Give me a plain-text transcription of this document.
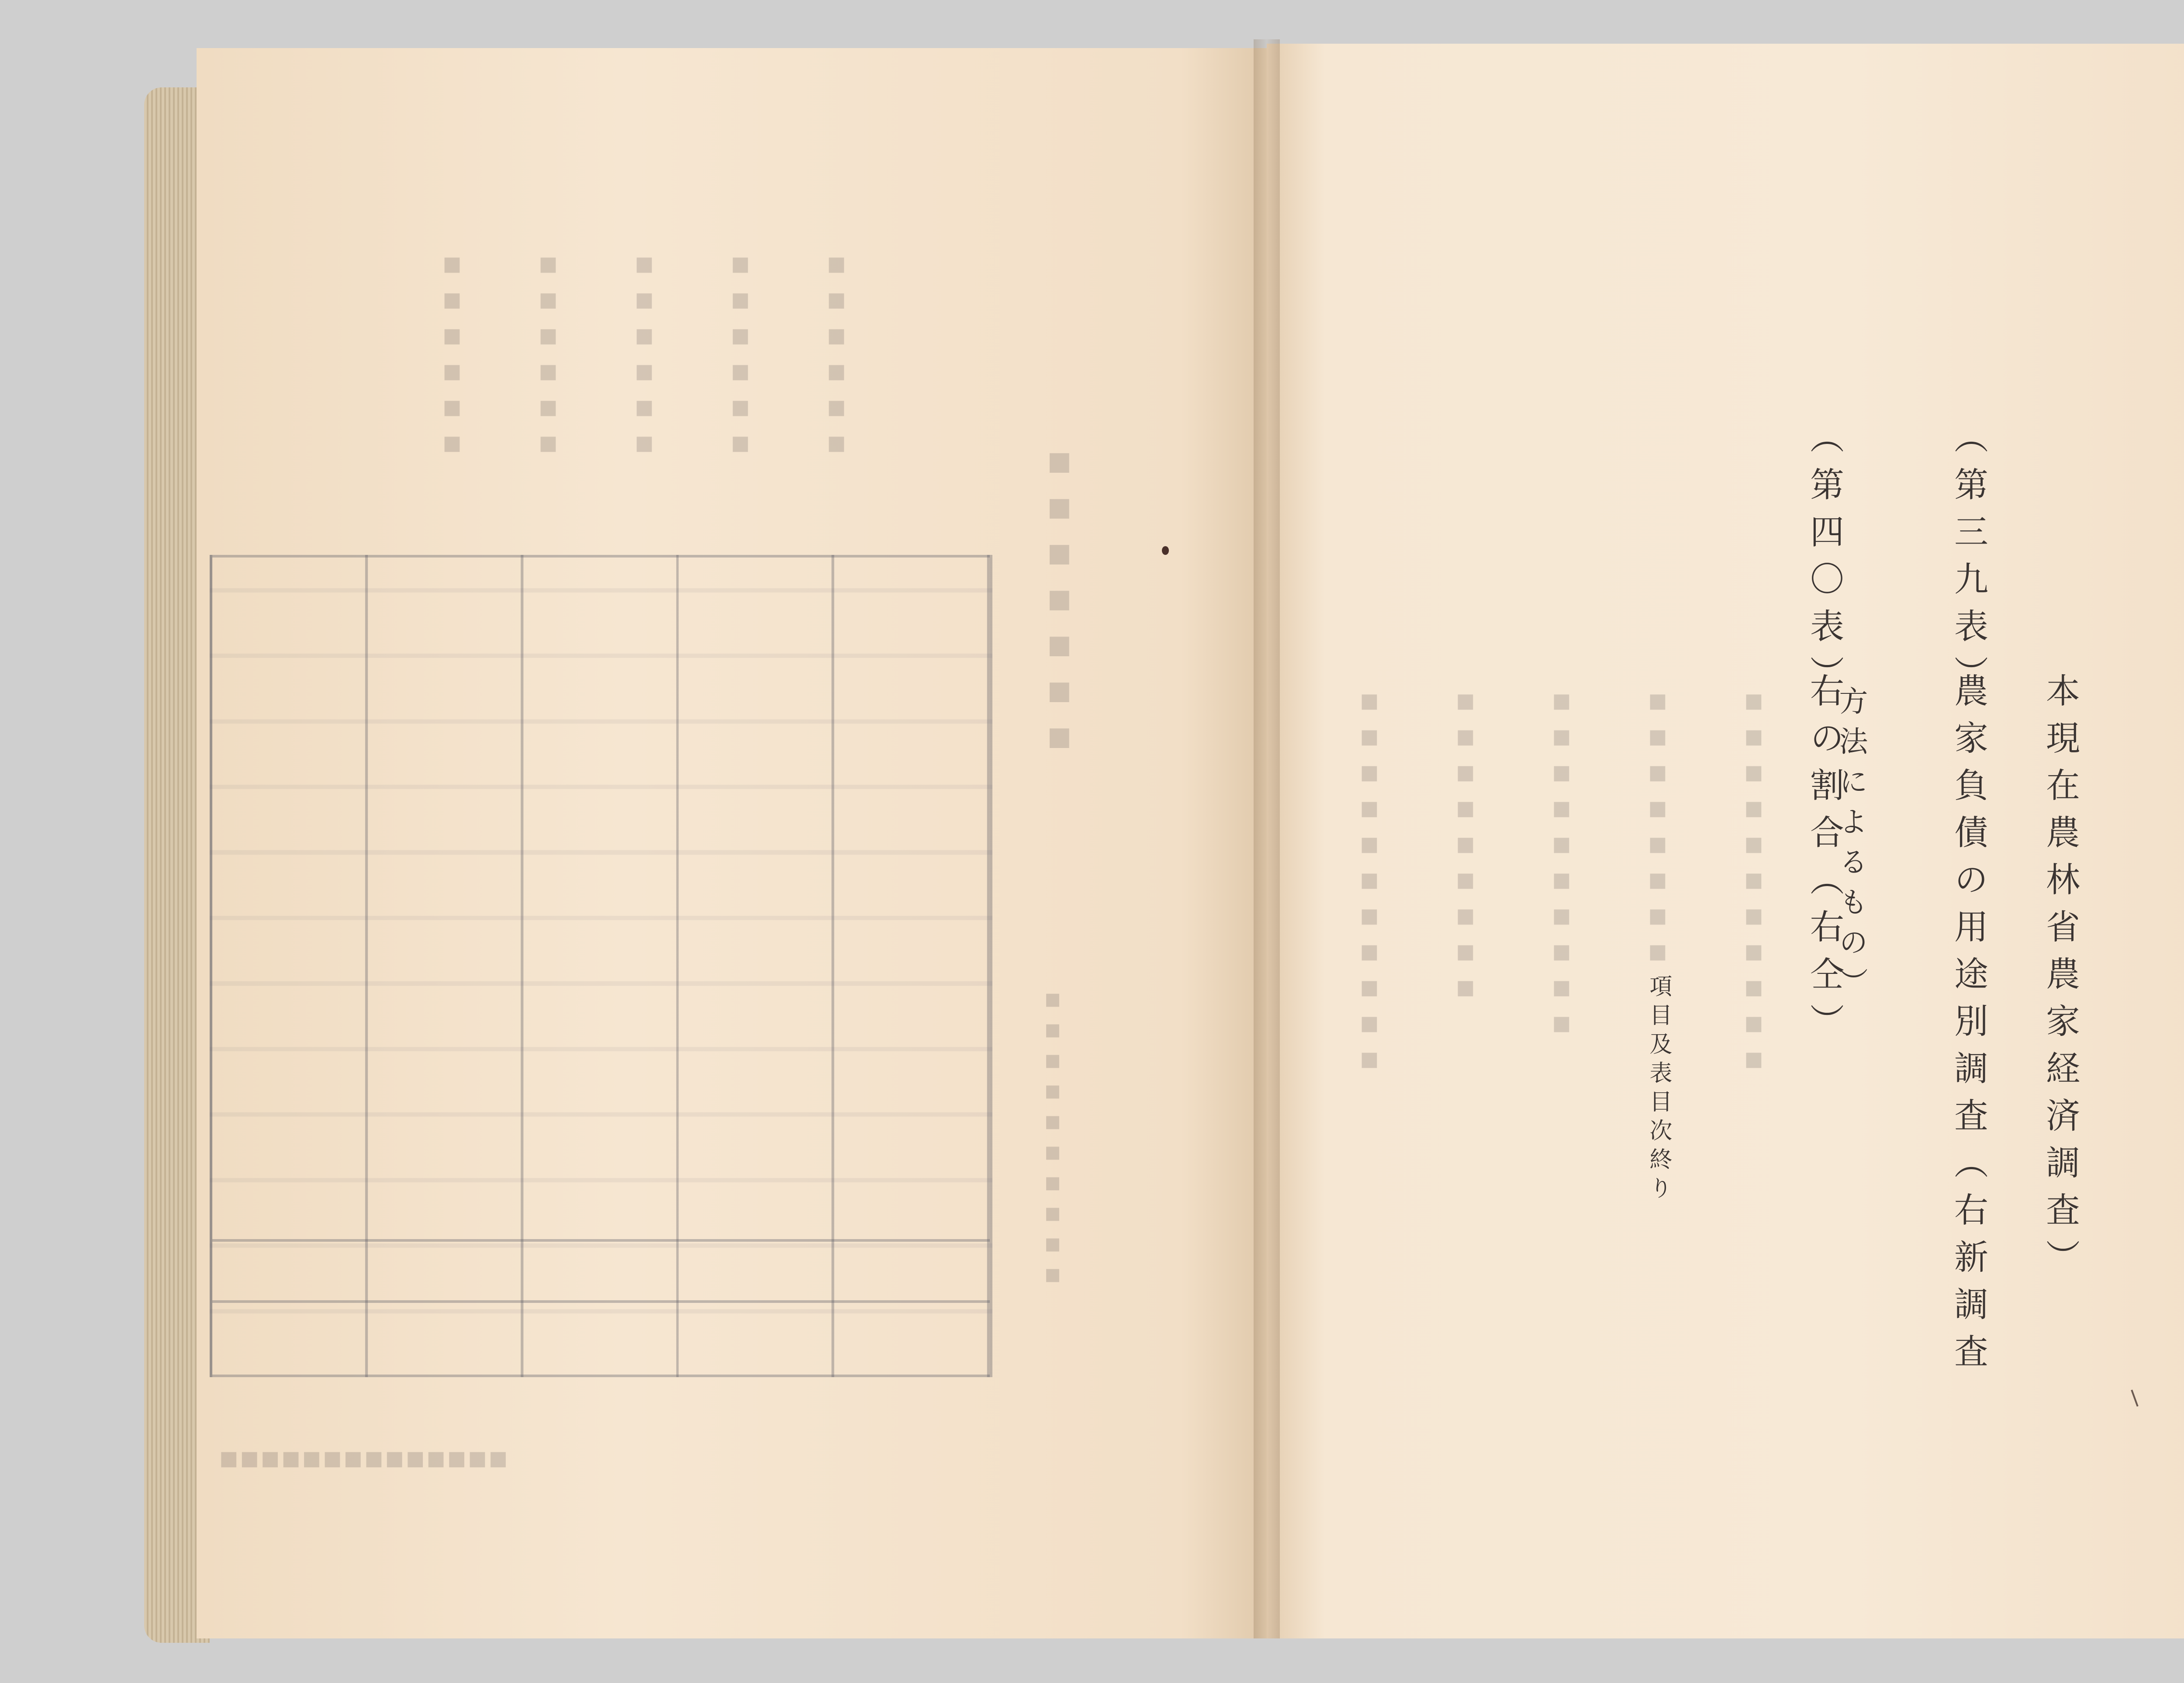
▪▪▪▪▪▪
▪▪▪▪▪▪
▪▪▪▪▪▪
▪▪▪▪▪▪
▪▪▪▪▪▪
▪▪▪▪▪▪▪
▪▪▪▪▪▪▪▪▪▪
▪▪▪▪▪▪▪▪▪▪▪▪▪▪
▪▪▪▪▪▪▪▪▪▪▪
▪▪▪▪▪▪▪▪
▪▪▪▪▪▪▪▪▪▪
▪▪▪▪▪▪▪▪▪
▪▪▪▪▪▪▪▪▪▪▪	本現在農林省農家経済調査）
（第三九表）
農家負債の用途別調査（右新調査
方法によるもの）
（第四〇表）
右の割合（右仝）
項目及表目次終り
